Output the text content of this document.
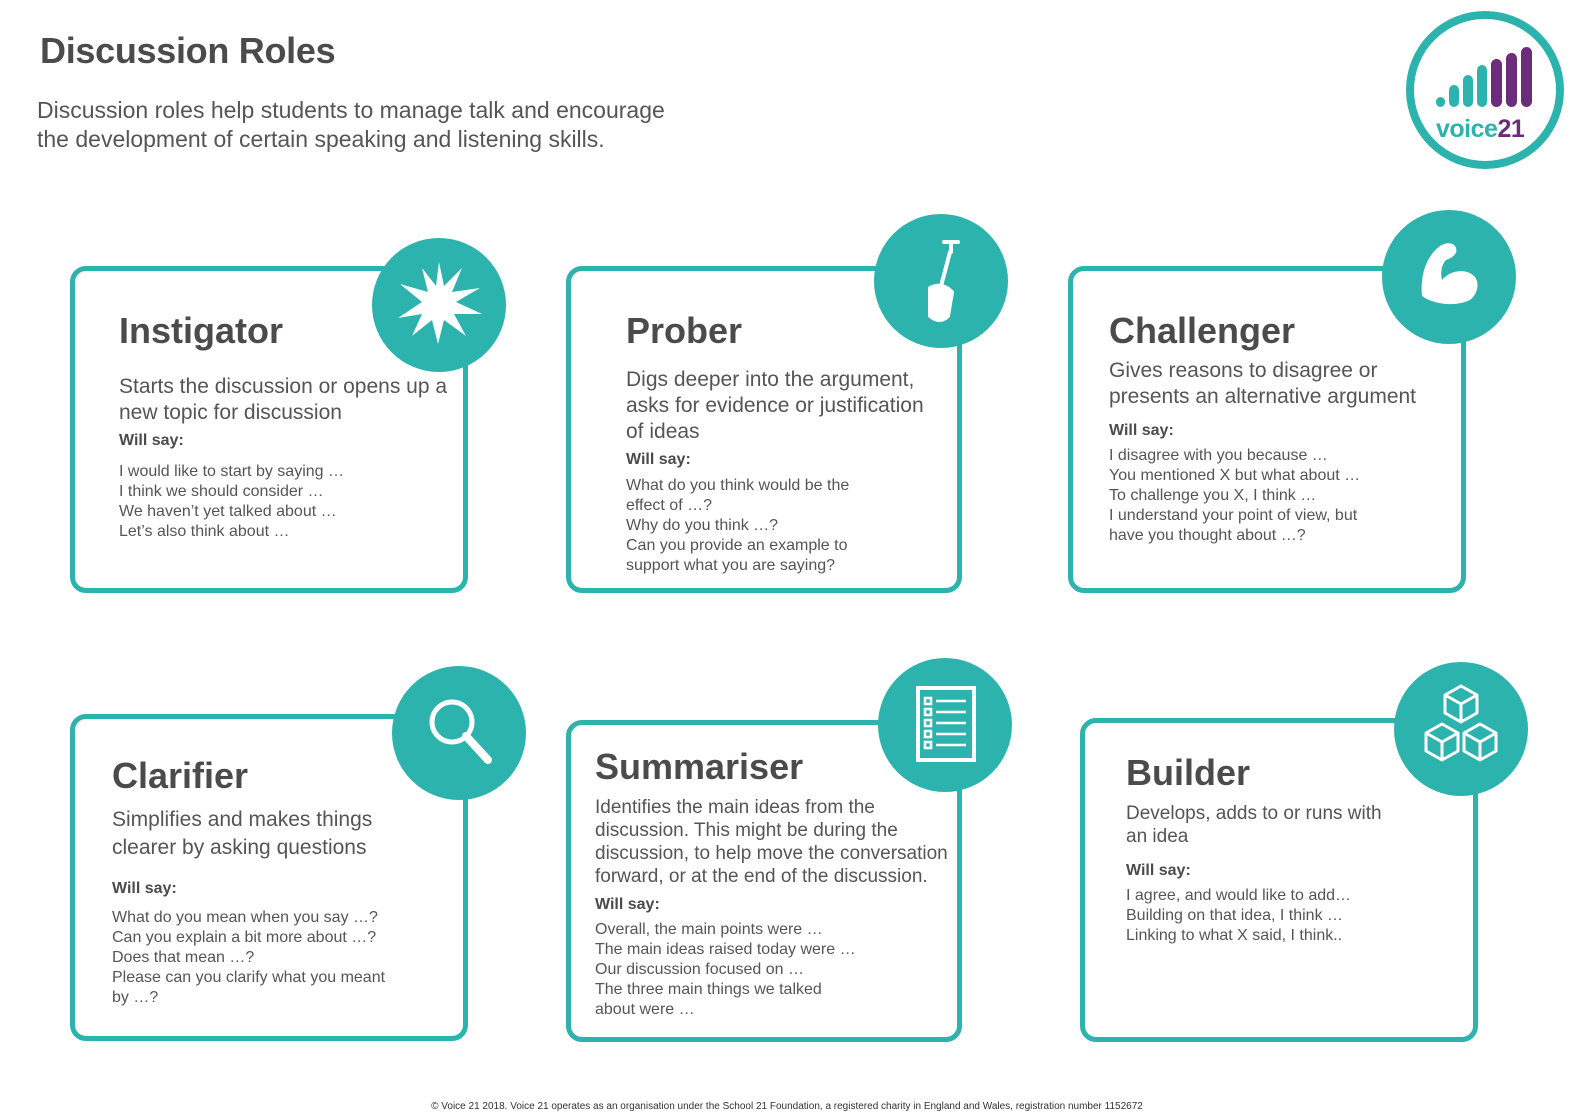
Discussion Roles

Discussion roles help students to manage talk and encourage the development of certain speaking and listening skills.	voice21
Instigator

Starts the discussion or opens up a new topic for discussion

Will say:

I would like to start by saying …
I think we should consider …
We haven’t yet talked about …
Let’s also think about …
Prober

Digs deeper into the argument, asks for evidence or justification of ideas

Will say:

What do you think would be the effect of …?
Why do you think …?
Can you provide an example to support what you are saying?
Challenger

Gives reasons to disagree or presents an alternative argument

Will say:

I disagree with you because …
You mentioned X but what about …
To challenge you X, I think …
I understand your point of view, but have you thought about …?
Clarifier

Simplifies and makes things clearer by asking questions

Will say:

What do you mean when you say …?
Can you explain a bit more about …?
Does that mean …?
Please can you clarify what you meant by …?
Summariser

Identifies the main ideas from the discussion. This might be during the discussion, to help move the conversation forward, or at the end of the discussion.

Will say:

Overall, the main points were …
The main ideas raised today were …
Our discussion focused on …
The three main things we talked about were …
Builder

Develops, adds to or runs with an idea

Will say:

I agree, and would like to add…
Building on that idea, I think …
Linking to what X said, I think..
© Voice 21 2018. Voice 21 operates as an organisation under the School 21 Foundation, a registered charity in England and Wales, registration number 1152672
